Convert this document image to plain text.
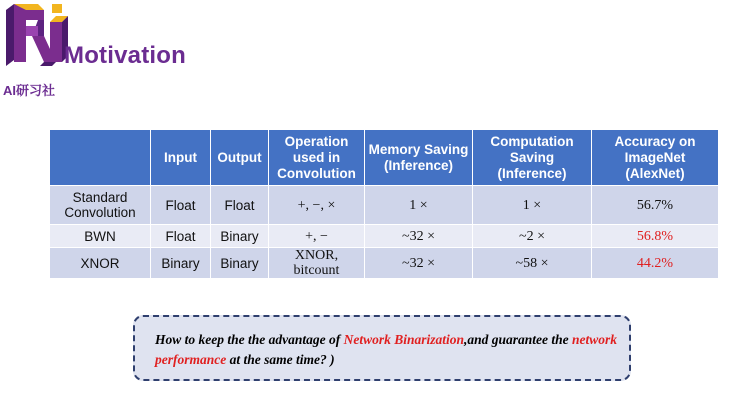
Motivation
AI研习社
	Input	Output	Operation used in Convolution	Memory Saving (Inference)	Computation Saving (Inference)	Accuracy on ImageNet (AlexNet)
Standard Convolution	Float	Float	+, −, ×	1 ×	1 ×	56.7%
BWN	Float	Binary	+, −	~32 ×	~2 ×	56.8%
XNOR	Binary	Binary	XNOR, bitcount	~32 ×	~58 ×	44.2%
How to keep the the advantage of Network Binarization,and guarantee the network performance at the same time? )
